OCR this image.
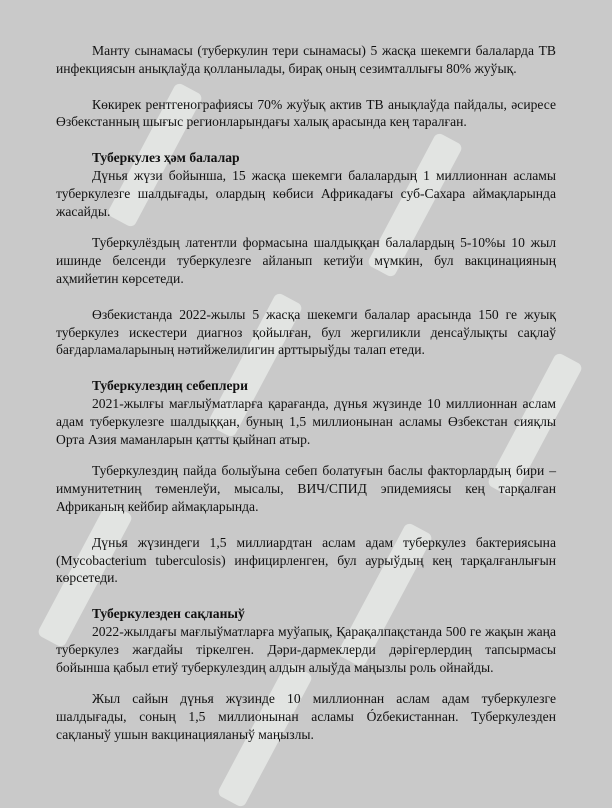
Манту сынамасы (туберкулин тери сынамасы) 5 жасқа шекемги балаларда ТВ инфекциясын анықлаўда қолланылады, бирақ оның сезимталлығы 80% жуўық.

Көкирек рентгенографиясы 70% жуўық актив ТВ анықлаўда пайдалы, әсиресе Өзбекстанның шығыс регионларындағы халық арасында кең таралған.

Туберкулез ҳәм балалар

Дүнья жүзи бойынша, 15 жасқа шекемги балалардың 1 миллионнан асламы туберкулезге шалдығады, олардың көбиси Африкадағы суб-Сахара аймақларында жасайды.

Туберкулёздың латентли формасына шалдыққан балалардың 5-10%ы 10 жыл ишинде белсенди туберкулезге айланып кетиўи мүмкин, бул вакцинацияның аҳмийетин көрсетеди.

Өзбекистанда 2022-жылы 5 жасқа шекемги балалар арасында 150 ге жуық туберкулез искестери диагноз қойылған, бул жергиликли денсаўлықты сақлаў бағдарламаларының нәтийжелилигин арттырыўды талап етеди.

Туберкулездиң себеплери

2021-жылғы мағлыўматларға қарағанда, дүнья жүзинде 10 миллионнан аслам адам туберкулезге шалдыққан, буның 1,5 миллионынан асламы Өзбекстан сияқлы Орта Азия маманларын қатты қыйнап атыр.

Туберкулездиң пайда болыўына себеп болатуғын баслы факторлардың бири – иммунитетниң төменлеўи, мысалы, ВИЧ/СПИД эпидемиясы кең тарқалған Африканың кейбир аймақларында.

Дүнья жүзиндеги 1,5 миллиардтан аслам адам туберкулез бактериясына (Mycobacterium tuberculosis) инфицирленген, бул аурыўдың кең тарқалғанлығын көрсетеди.

Туберкулезден сақланыў

2022-жылдағы мағлыўматларға муўапық, Қарақалпақстанда 500 ге жақын жаңа туберкулез жағдайы тіркелген. Дәри-дармеклерди дәрігерлердиң тапсырмасы бойынша қабыл етиў туберкулездиң алдын алыўда маңызлы роль ойнайды.

Жыл сайын дүнья жүзинде 10 миллионнан аслам адам туберкулезге шалдығады, соның 1,5 миллионынан асламы Ózбекистаннан. Туберкулезден сақланыў ушын вакцинацияланыў маңызлы.
